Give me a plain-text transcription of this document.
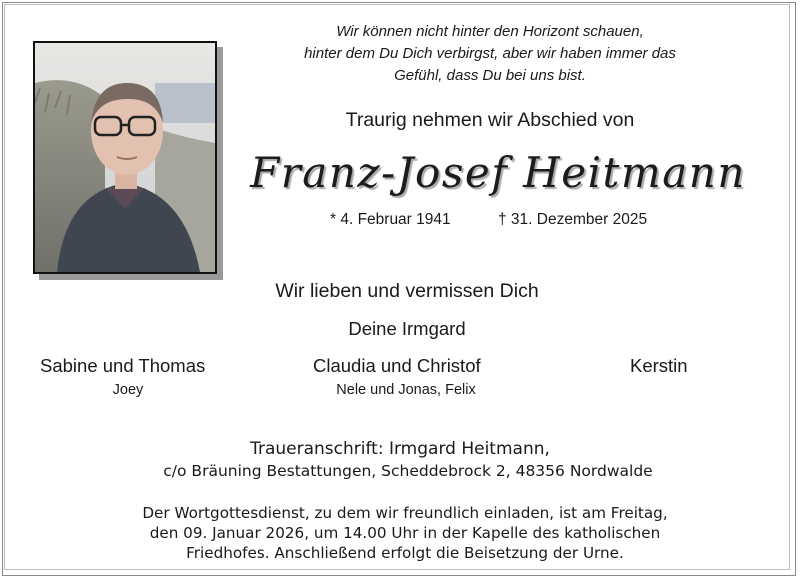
Wir können nicht hinter den Horizont schauen,
hinter dem Du Dich verbirgst, aber wir haben immer das
Gefühl, dass Du bei uns bist.
Traurig nehmen wir Abschied von
Franz-Josef Heitmann
* 4. Februar 1941	† 31. Dezember 2025
Wir lieben und vermissen Dich
Deine Irmgard
Sabine und Thomas	Claudia und Christof	Kerstin
Joey	Nele und Jonas, Felix
Traueranschrift: Irmgard Heitmann,
c/o Bräuning Bestattungen, Scheddebrock 2, 48356 Nordwalde
Der Wortgottesdienst, zu dem wir freundlich einladen, ist am Freitag,
den 09. Januar 2026, um 14.00 Uhr in der Kapelle des katholischen
Friedhofes. Anschließend erfolgt die Beisetzung der Urne.
